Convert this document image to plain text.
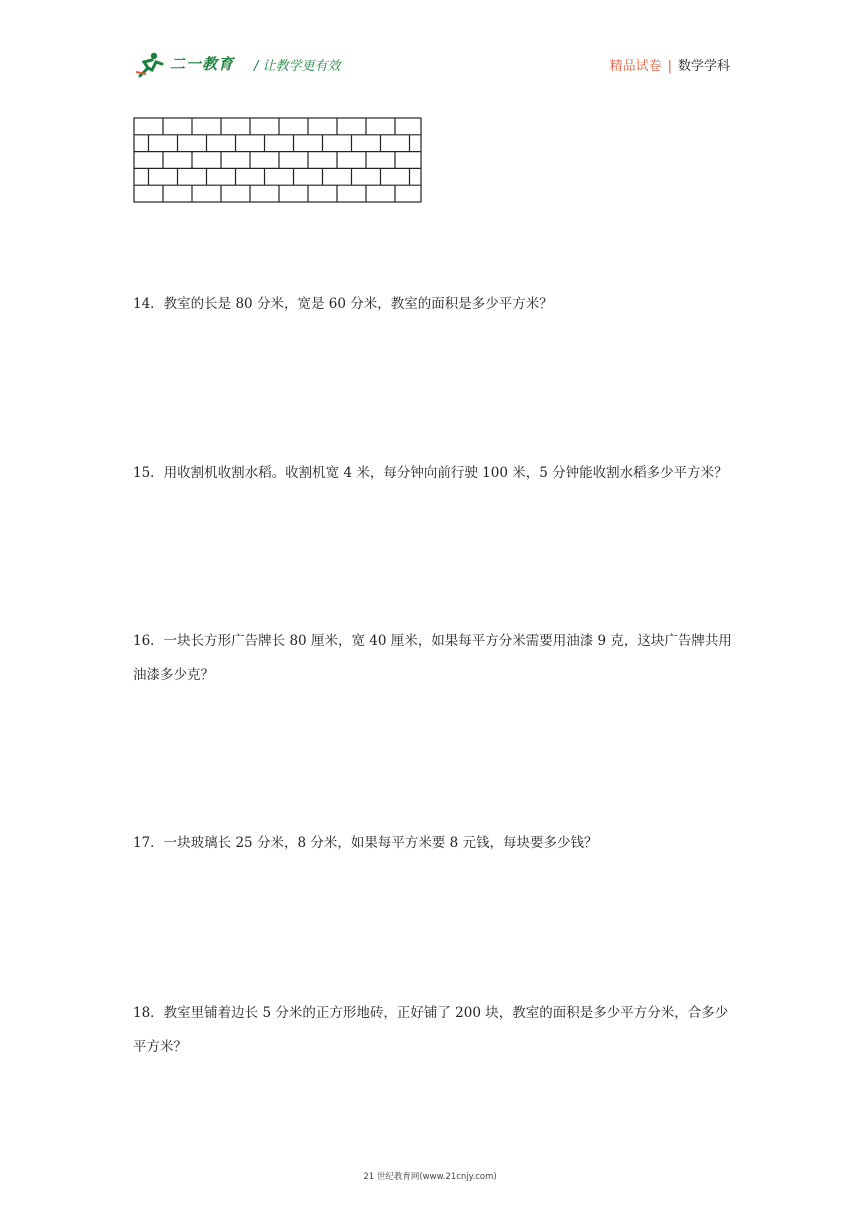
二一教育 / 让教学更有效	精品试卷 | 数学学科
14．教室的长是 80 分米，宽是 60 分米，教室的面积是多少平方米？
15．用收割机收割水稻。收割机宽 4 米，每分钟向前行驶 100 米，5 分钟能收割水稻多少平方米？
16．一块长方形广告牌长 80 厘米，宽 40 厘米，如果每平方分米需要用油漆 9 克，这块广告牌共用油漆多少克？
17．一块玻璃长 25 分米，8 分米，如果每平方米要 8 元钱，每块要多少钱？
18．教室里铺着边长 5 分米的正方形地砖，正好铺了 200 块，教室的面积是多少平方分米，合多少平方米？
21 世纪教育网(www.21cnjy.com)
